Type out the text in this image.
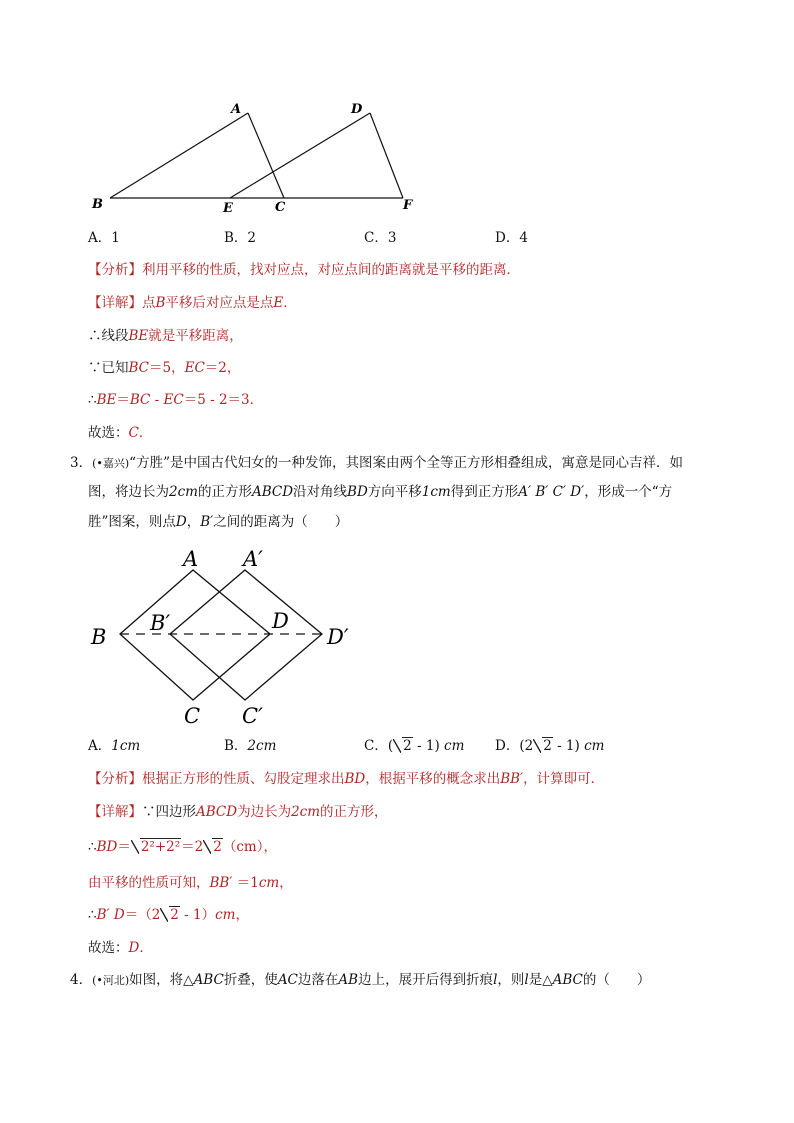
A	D
B	E	C	F
A．1	B．2	C．3	D．4
【分析】利用平移的性质，找对应点，对应点间的距离就是平移的距离．
【详解】点B平移后对应点是点E．
∴线段BE就是平移距离，
∵已知BC＝5，EC＝2，
∴BE＝BC - EC＝5 - 2＝3．
故选：C．
3．(•嘉兴)“方胜”是中国古代妇女的一种发饰，其图案由两个全等正方形相叠组成，寓意是同心吉祥．如
图，将边长为2cm的正方形ABCD沿对角线BD方向平移1cm得到正方形A′ B′ C′ D′，形成一个“方
胜”图案，则点D，B′之间的距离为（　　）
A A′
B
B′	D
D′
C C′
A．1cm	B．2cm	C．( 2 - 1) cm D．(2 2 - 1) cm
【分析】根据正方形的性质、勾股定理求出BD，根据平移的概念求出BB′，计算即可．
【详解】∵四边形ABCD为边长为2cm的正方形，
∴BD＝ 2²+2²＝2 2（cm），
由平移的性质可知，BB′ ＝1cm，
∴B′ D＝（2 2 - 1）cm，
故选：D．
4．(•河北)如图，将△ABC折叠，使AC边落在AB边上，展开后得到折痕l，则l是△ABC的（　　）
